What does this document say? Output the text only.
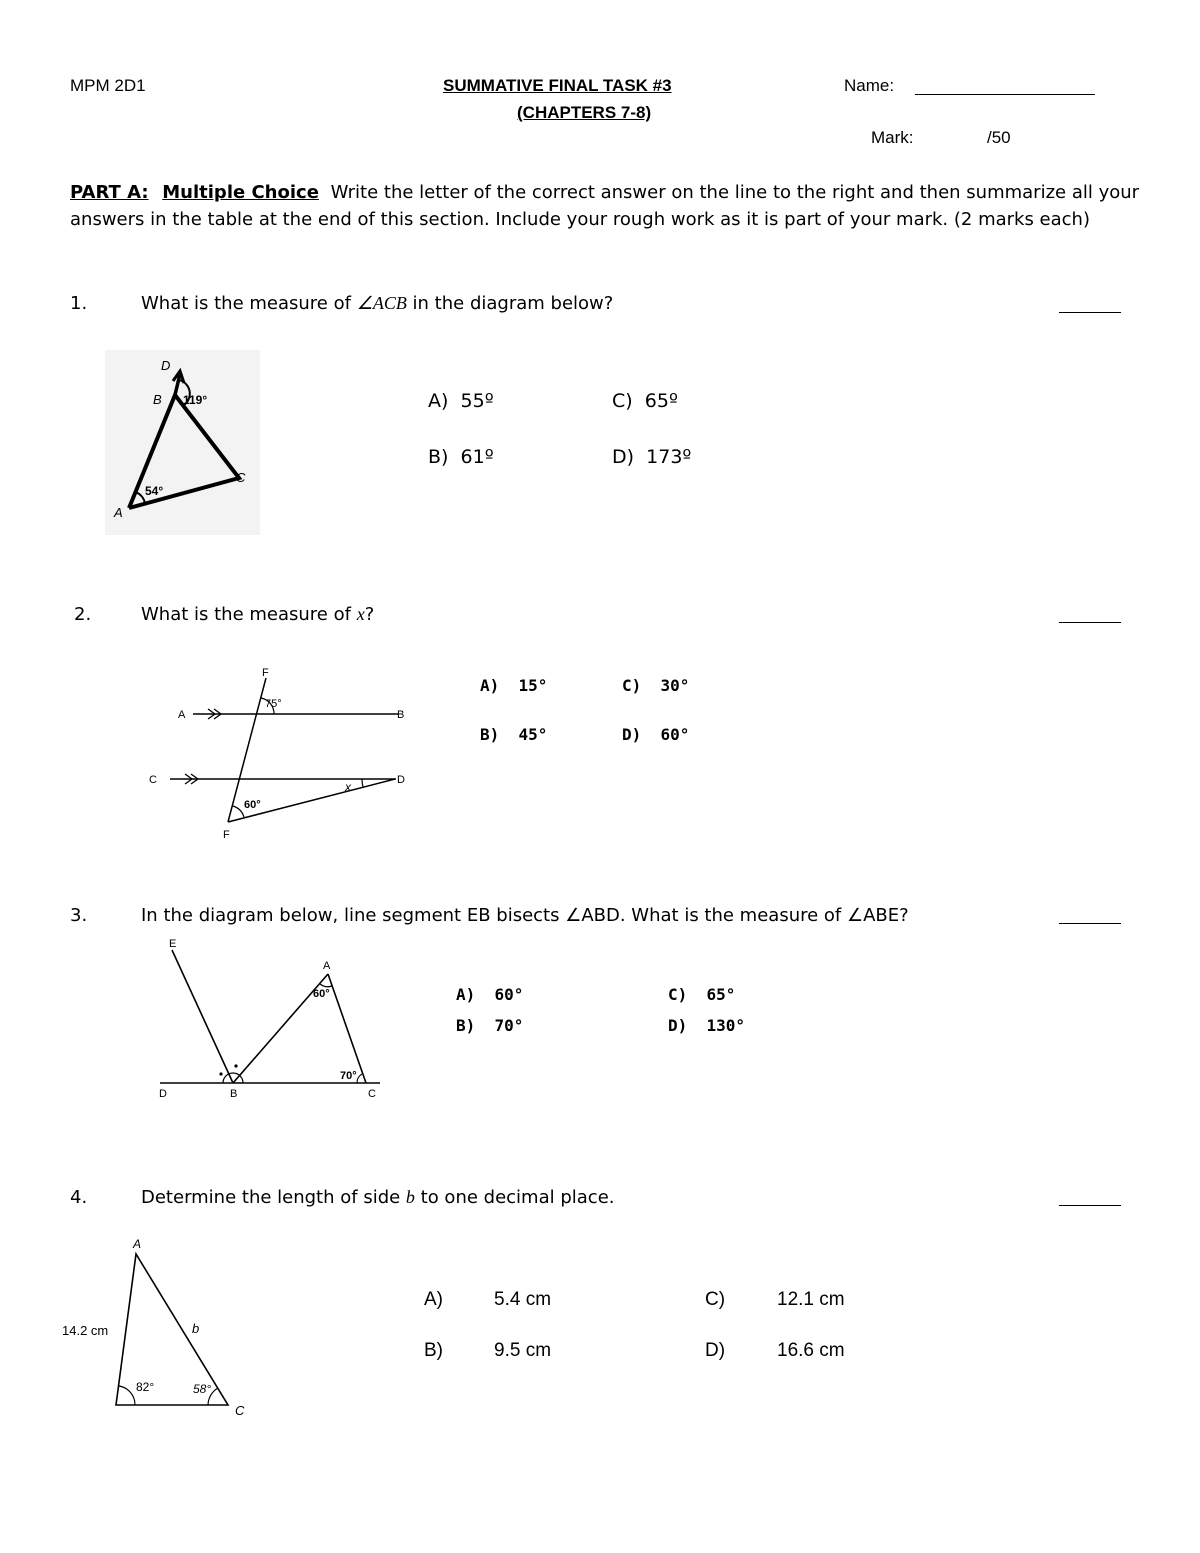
MPM 2D1	SUMMATIVE FINAL TASK #3
(CHAPTERS 7-8)
Name:
Mark:	/50
PART A: Multiple Choice Write the letter of the correct answer on the line to the right and then summarize all your
answers in the table at the end of this section. Include your rough work as it is part of your mark. (2 marks each)
1.	What is the measure of ∠ACB in the diagram below?
D
B 119°
C
54°
A
A) 55º	C) 65º
B) 61º	D) 173º
2.	What is the measure of x?
F
75°
A	B
C	D
x
60°
F
A) 15°	C) 30°
B) 45°	D) 60°
3.	In the diagram below, line segment EB bisects ∠ABD. What is the measure of ∠ABE?
E
A
60°
70°
D	B	C
A) 60°	C) 65°
B) 70°	D) 130°
4.	Determine the length of side b to one decimal place.
A
14.2 cm	b
82°	58°
C
A)	5.4 cm	C)	12.1 cm
B)	9.5 cm	D)	16.6 cm
